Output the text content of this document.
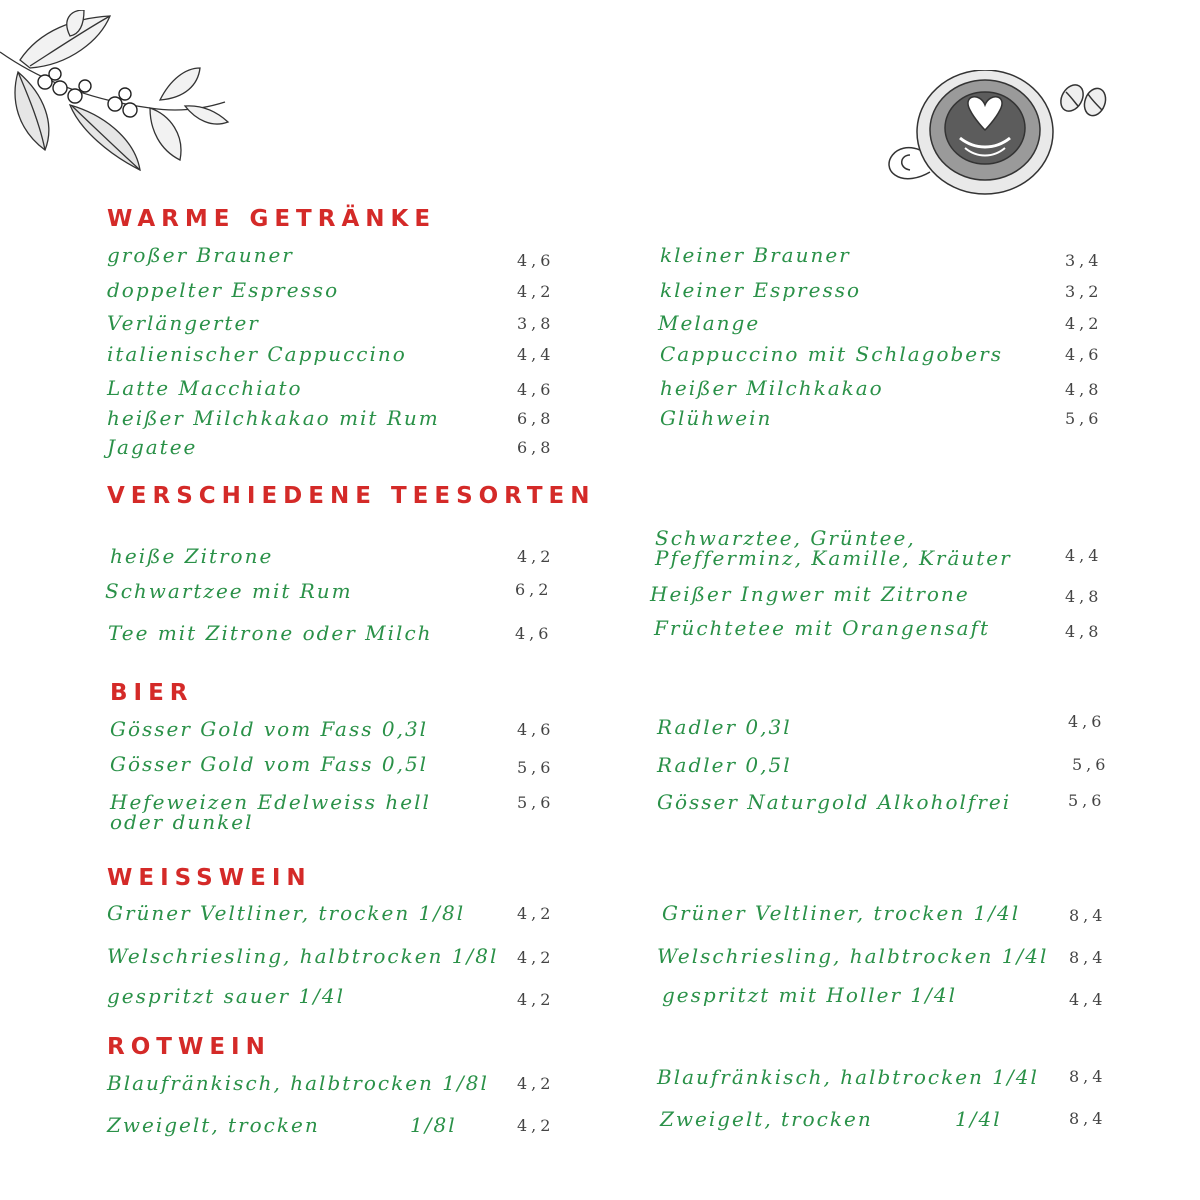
WARME GETRÄNKE
großer Brauner	4,6
doppelter Espresso	4,2
Verlängerter	3,8
italienischer Cappuccino	4,4
Latte Macchiato	4,6
heißer Milchkakao mit Rum	6,8
Jagatee	6,8
kleiner Brauner	3,4
kleiner Espresso	3,2
Melange	4,2
Cappuccino mit Schlagobers	4,6
heißer Milchkakao	4,8
Glühwein	5,6
VERSCHIEDENE TEESORTEN
heiße Zitrone	4,2
Schwartzee mit Rum	6,2
Tee mit Zitrone oder Milch	4,6
Schwarztee, Grüntee,
Pfefferminz, Kamille, Kräuter	4,4
Heißer Ingwer mit Zitrone	4,8
Früchtetee mit Orangensaft	4,8
BIER
Gösser Gold vom Fass 0,3l	4,6
Gösser Gold vom Fass 0,5l	5,6
Hefeweizen Edelweiss hell
oder dunkel
5,6
Radler 0,3l	4,6
Radler 0,5l	5,6
Gösser Naturgold Alkoholfrei	5,6
WEISSWEIN
Grüner Veltliner, trocken 1/8l	4,2
Welschriesling, halbtrocken 1/8l 4,2
gespritzt sauer 1/4l	4,2
Grüner Veltliner, trocken 1/4l	8,4
Welschriesling, halbtrocken 1/4l 8,4
gespritzt mit Holler 1/4l	4,4
ROTWEIN
Blaufränkisch, halbtrocken 1/8l 4,2
Zweigelt, trocken	1/8l	4,2
Blaufränkisch, halbtrocken 1/4l 8,4
Zweigelt, trocken	1/4l	8,4
